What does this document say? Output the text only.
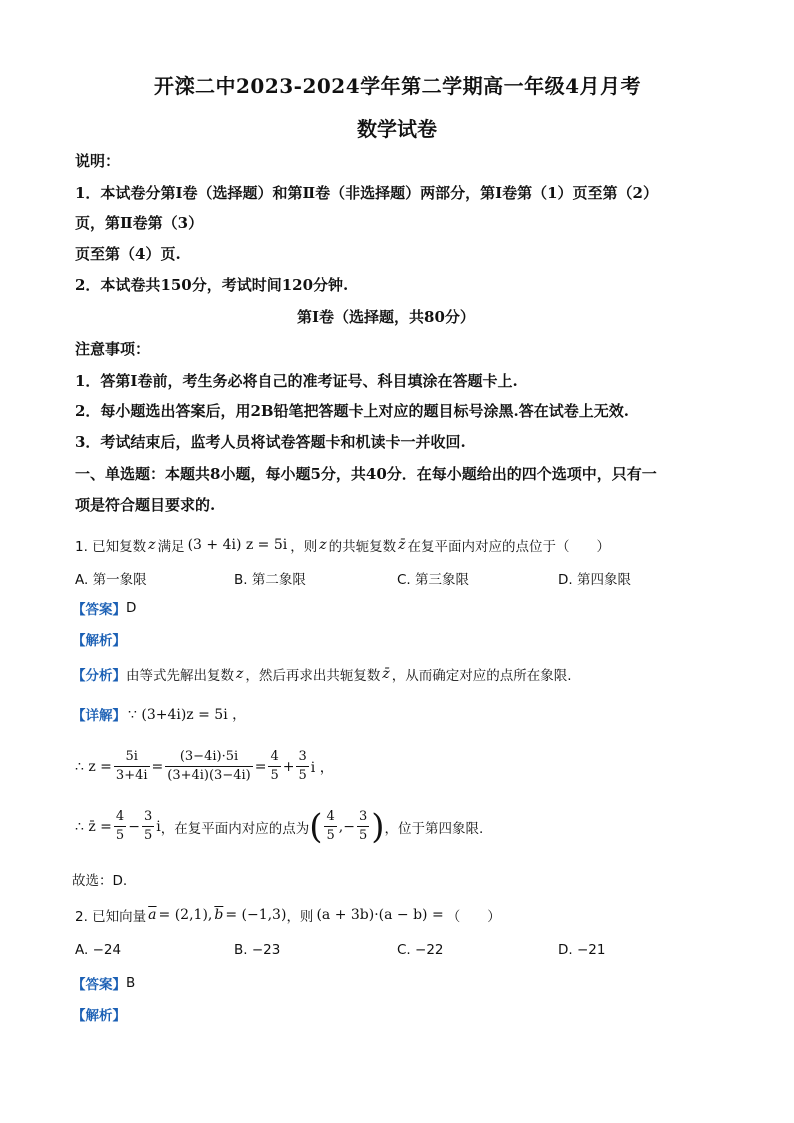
开滦二中2023-2024学年第二学期高一年级4月月考
数学试卷
说明：
1．本试卷分第Ⅰ卷（选择题）和第Ⅱ卷（非选择题）两部分，第Ⅰ卷第（1）页至第（2）
页，第Ⅱ卷第（3）
页至第（4）页.
2．本试卷共150分，考试时间120分钟.
第Ⅰ卷（选择题，共80分）
注意事项：
1．答第Ⅰ卷前，考生务必将自己的准考证号、科目填涂在答题卡上.
2．每小题选出答案后，用2B铅笔把答题卡上对应的题目标号涂黑.答在试卷上无效.
3．考试结束后，监考人员将试卷答题卡和机读卡一并收回.
一、单选题：本题共8小题，每小题5分，共40分．在每小题给出的四个选项中，只有一
项是符合题目要求的.
1. 已知复数 z 满足 (3 + 4i) z = 5i ，则 z 的共轭复数 z̄ 在复平面内对应的点位于（　　）
A. 第一象限	B. 第二象限	C. 第三象限	D. 第四象限
【答案】 D
【解析】
【分析】 由等式先解出复数 z ，然后再求出共轭复数 z̄ ，从而确定对应的点所在象限.
【详解】 ∵ (3+4i)z = 5i ，
∴ $z = \frac{5i}{3+4i} = \frac{(3-4i)\cdot 5i}{(3+4i)(3-4i)} = \frac{4}{5} + \frac{3}{5}$ i ，
∴ z̄ = $\frac{4}{5} - \frac{3}{5}$ i ，在复平面内对应的点为 ( $\frac{4}{5}$ ,− $\frac{3}{5}$ ) ，位于第四象限.
故选：D.
2. 已知向量 $\overline{a} = (2,1)$, $\overline{b} = (-1,3)$ ，则 (a + 3b)·(a − b) = （　　）
A. −24	B. −23	C. −22	D. −21
【答案】 B
【解析】
